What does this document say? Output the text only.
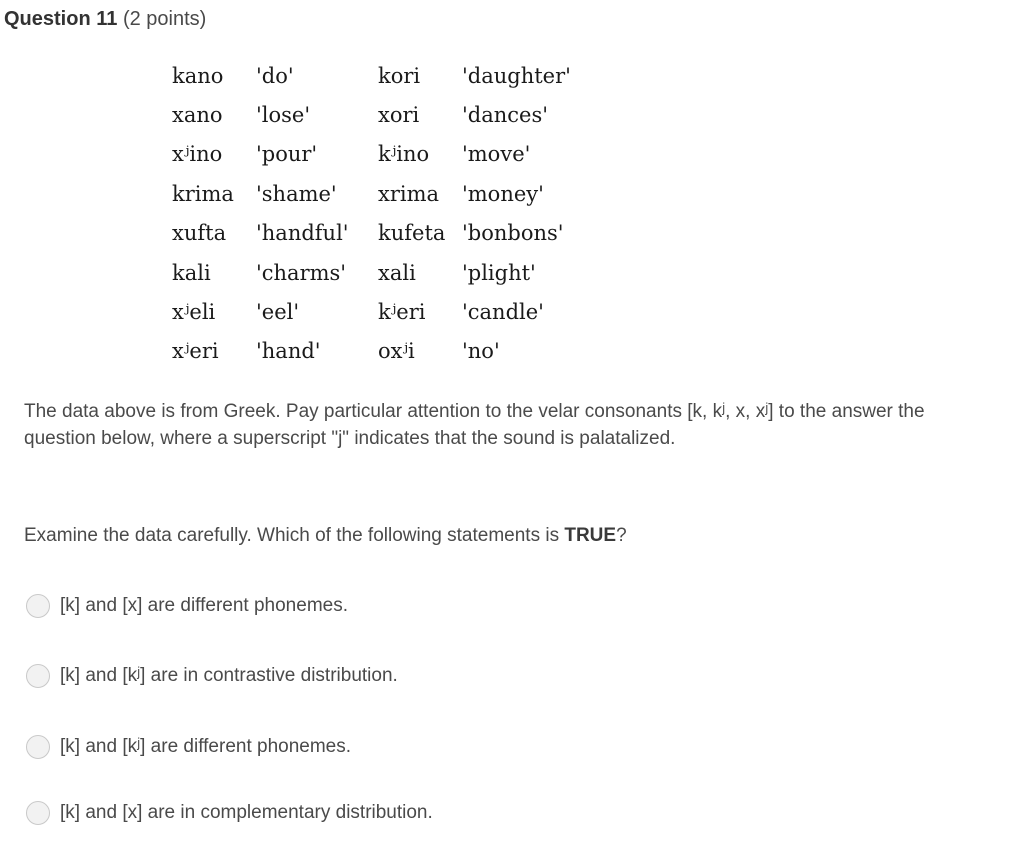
Question 11 (2 points)
kano	'do'	kori	'daughter'
xano	'lose'	xori	'dances'
xʲino	'pour'	kʲino	'move'
krima	'shame'	xrima	'money'
xufta	'handful'	kufeta	'bonbons'
kali	'charms'	xali	'plight'
xʲeli	'eel'	kʲeri	'candle'
xʲeri	'hand'	oxʲi	'no'
The data above is from Greek. Pay particular attention to the velar consonants [k, kʲ, x, xʲ] to the answer the question below, where a superscript "j" indicates that the sound is palatalized.
Examine the data carefully. Which of the following statements is TRUE?
[k] and [x] are different phonemes.
[k] and [kʲ] are in contrastive distribution.
[k] and [kʲ] are different phonemes.
[k] and [x] are in complementary distribution.
